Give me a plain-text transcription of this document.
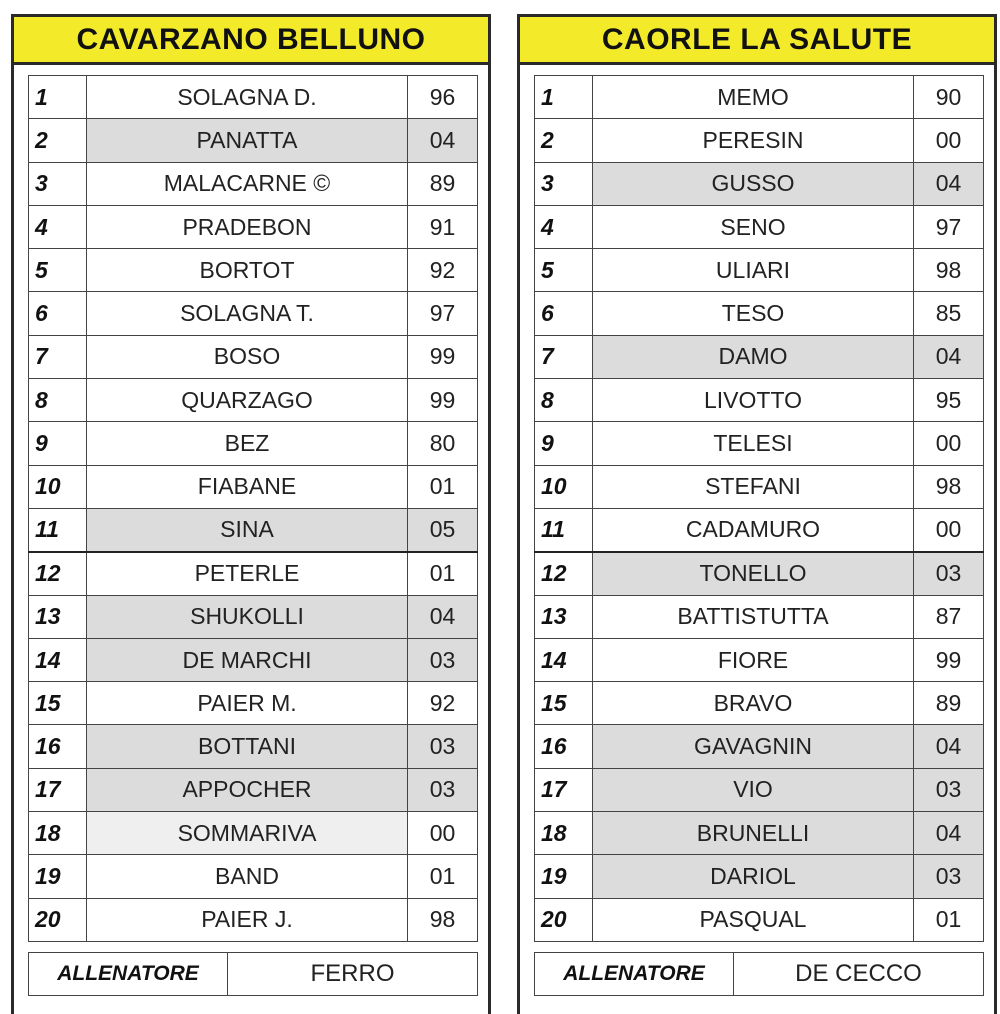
CAVARZANO BELLUNO
1	SOLAGNA D.	96
2	PANATTA	04
3	MALACARNE ©	89
4	PRADEBON	91
5	BORTOT	92
6	SOLAGNA T.	97
7	BOSO	99
8	QUARZAGO	99
9	BEZ	80
10	FIABANE	01
11	SINA	05
12	PETERLE	01
13	SHUKOLLI	04
14	DE MARCHI	03
15	PAIER M.	92
16	BOTTANI	03
17	APPOCHER	03
18	SOMMARIVA	00
19	BAND	01
20	PAIER J.	98
ALLENATORE	FERRO
CAORLE LA SALUTE
1	MEMO	90
2	PERESIN	00
3	GUSSO	04
4	SENO	97
5	ULIARI	98
6	TESO	85
7	DAMO	04
8	LIVOTTO	95
9	TELESI	00
10	STEFANI	98
11	CADAMURO	00
12	TONELLO	03
13	BATTISTUTTA	87
14	FIORE	99
15	BRAVO	89
16	GAVAGNIN	04
17	VIO	03
18	BRUNELLI	04
19	DARIOL	03
20	PASQUAL	01
ALLENATORE	DE CECCO
